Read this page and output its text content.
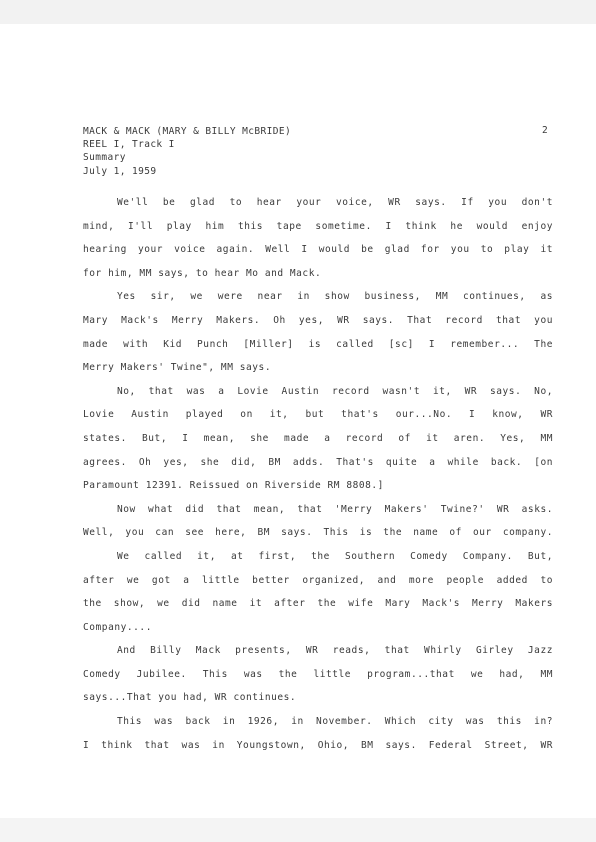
MACK & MACK (MARY & BILLY McBRIDE)
REEL I, Track I
Summary
July 1, 1959
2
We'll be glad to hear your voice, WR says. If you don't
mind, I'll play him this tape sometime. I think he would enjoy
hearing your voice again. Well I would be glad for you to play it
for him, MM says, to hear Mo and Mack.
Yes sir, we were near in show business, MM continues, as
Mary Mack's Merry Makers. Oh yes, WR says. That record that you
made with Kid Punch [Miller] is called [sc] I remember... The
Merry Makers' Twine", MM says.
No, that was a Lovie Austin record wasn't it, WR says. No,
Lovie Austin played on it, but that's our...No. I know, WR
states. But, I mean, she made a record of it aren. Yes, MM
agrees. Oh yes, she did, BM adds. That's quite a while back. [on
Paramount 12391. Reissued on Riverside RM 8808.]
Now what did that mean, that 'Merry Makers' Twine?' WR asks.
Well, you can see here, BM says. This is the name of our company.
We called it, at first, the Southern Comedy Company. But,
after we got a little better organized, and more people added to
the show, we did name it after the wife Mary Mack's Merry Makers
Company....
And Billy Mack presents, WR reads, that Whirly Girley Jazz
Comedy Jubilee. This was the little program...that we had, MM
says...That you had, WR continues.
This was back in 1926, in November. Which city was this in?
I think that was in Youngstown, Ohio, BM says. Federal Street, WR
